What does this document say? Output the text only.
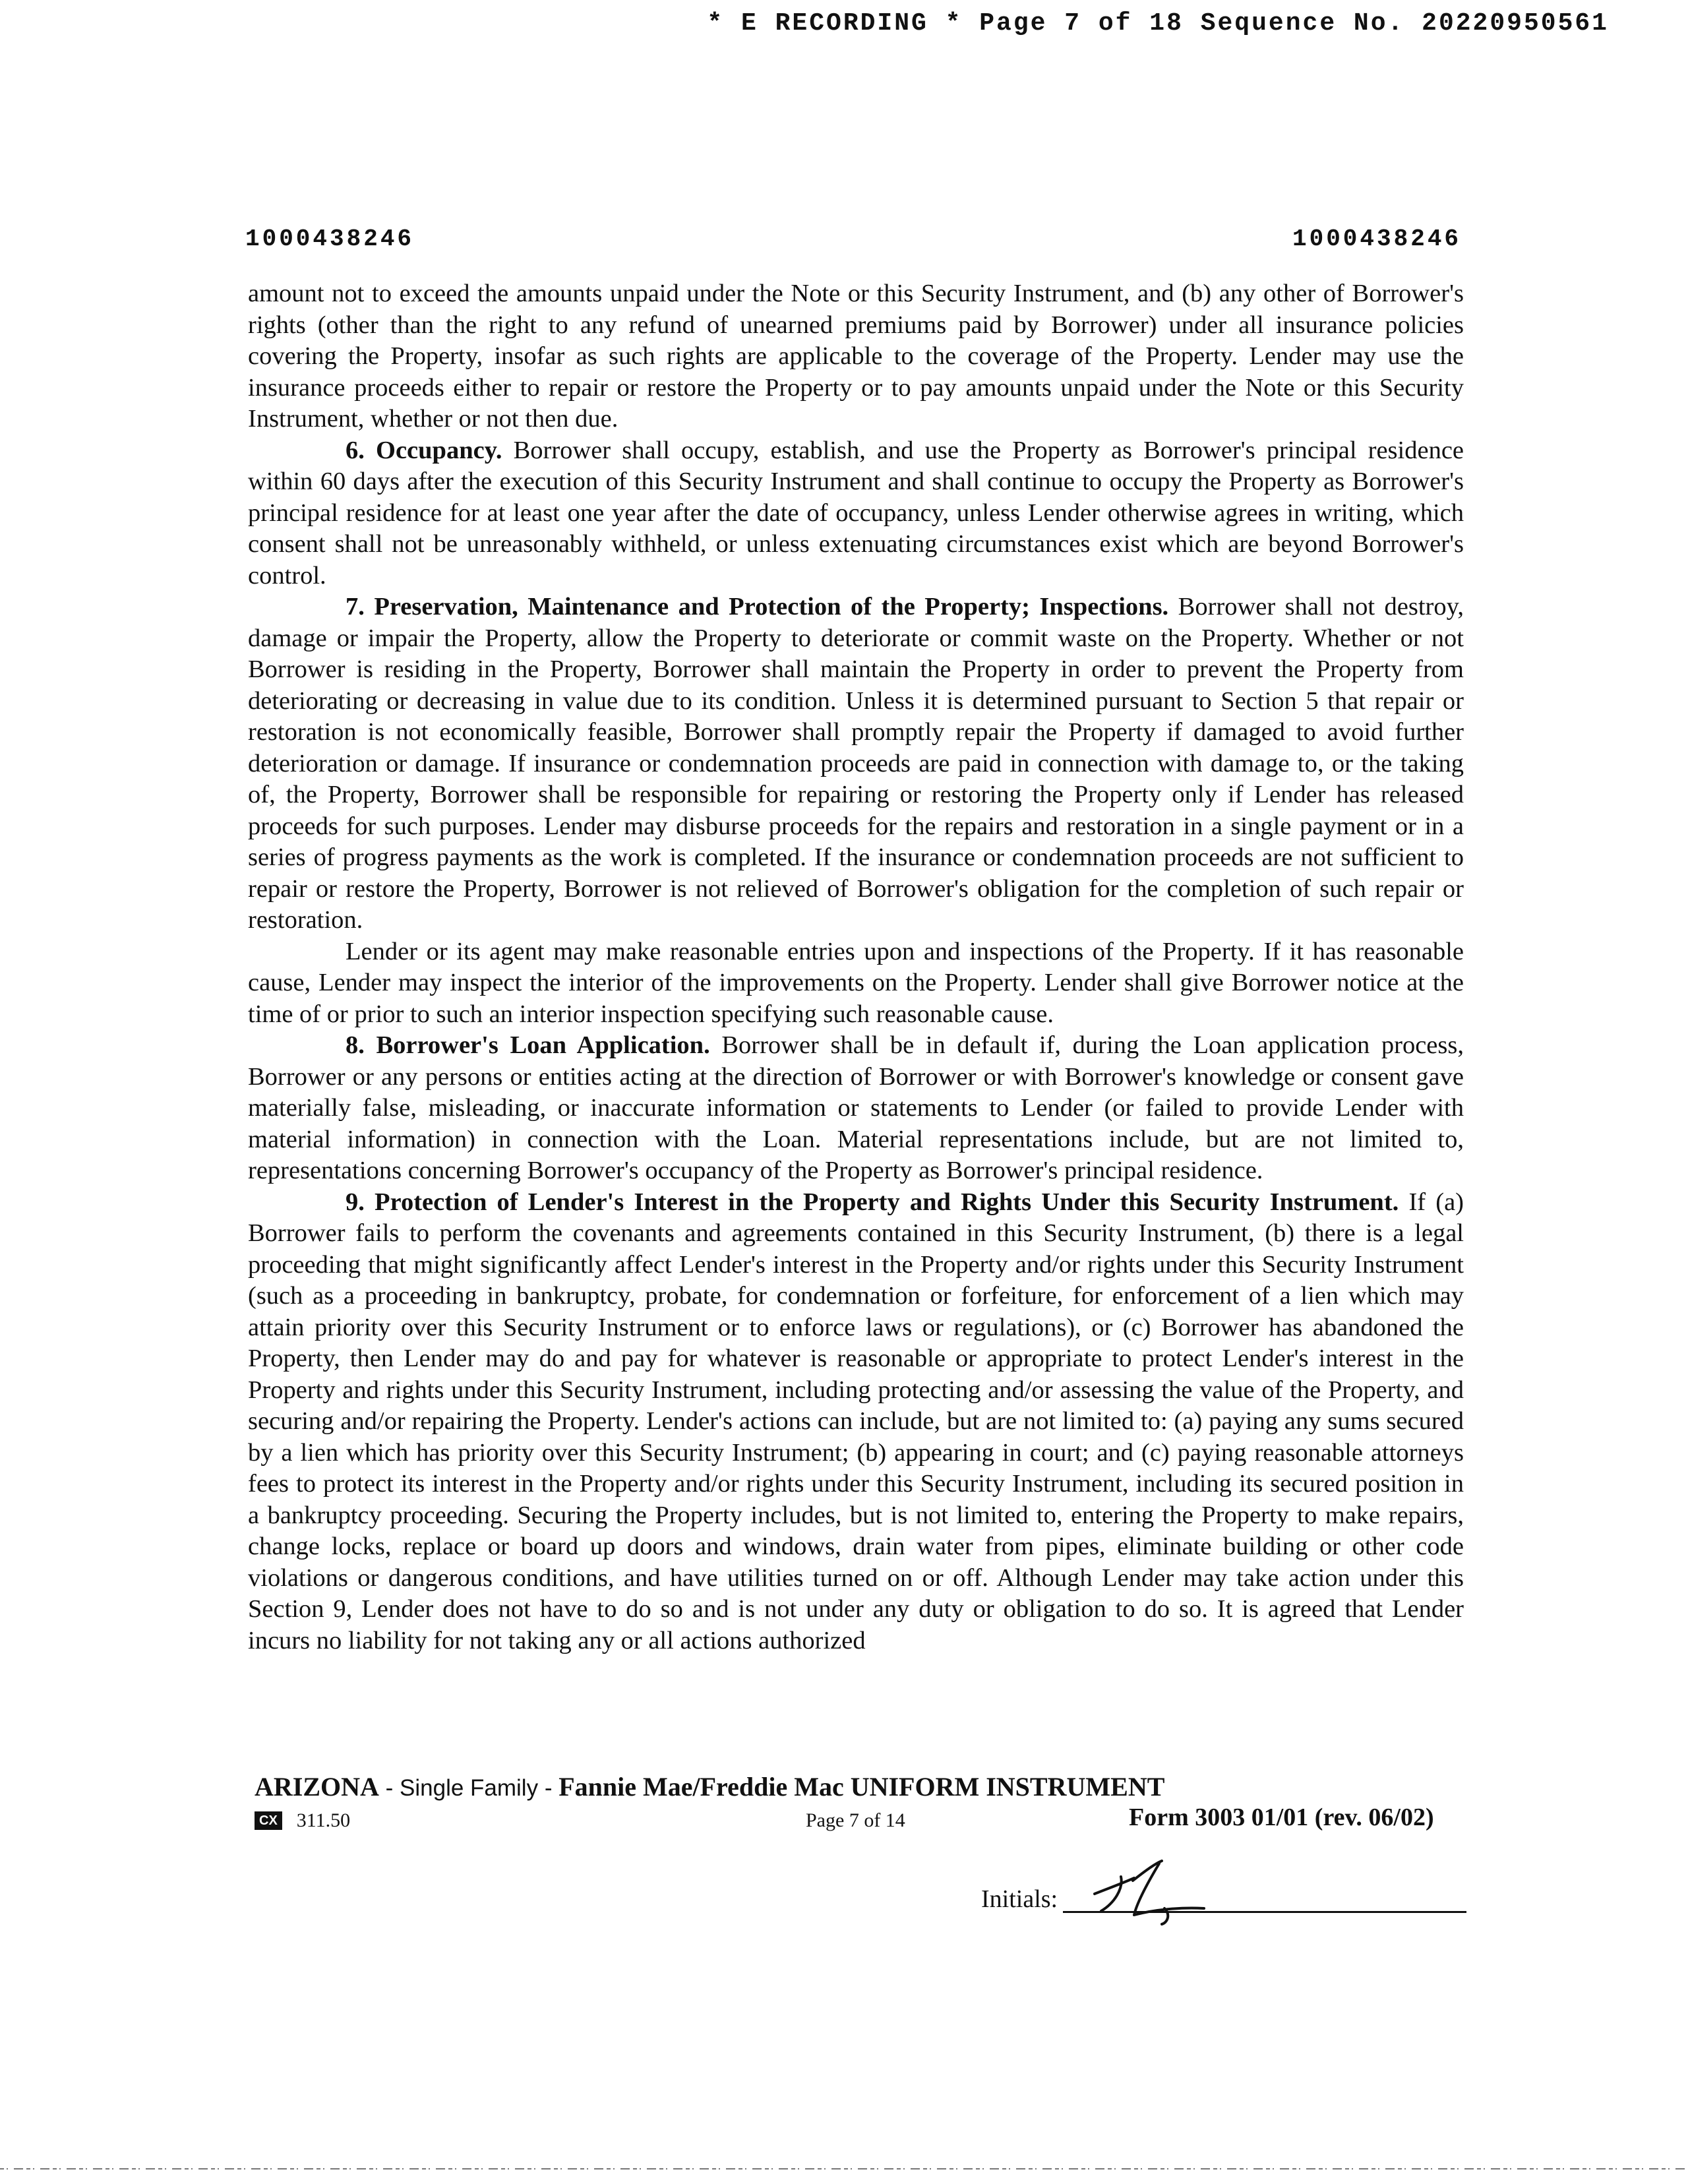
* E RECORDING * Page 7 of 18 Sequence No. 20220950561
1000438246	1000438246

amount not to exceed the amounts unpaid under the Note or this Security Instrument, and (b) any other of Borrower's rights (other than the right to any refund of unearned premiums paid by Borrower) under all insurance policies covering the Property, insofar as such rights are applicable to the coverage of the Property. Lender may use the insurance proceeds either to repair or restore the Property or to pay amounts unpaid under the Note or this Security Instrument, whether or not then due.

6. Occupancy. Borrower shall occupy, establish, and use the Property as Borrower's principal residence within 60 days after the execution of this Security Instrument and shall continue to occupy the Property as Borrower's principal residence for at least one year after the date of occupancy, unless Lender otherwise agrees in writing, which consent shall not be unreasonably withheld, or unless extenuating circumstances exist which are beyond Borrower's control.

7. Preservation, Maintenance and Protection of the Property; Inspections. Borrower shall not destroy, damage or impair the Property, allow the Property to deteriorate or commit waste on the Property. Whether or not Borrower is residing in the Property, Borrower shall maintain the Property in order to prevent the Property from deteriorating or decreasing in value due to its condition. Unless it is determined pursuant to Section 5 that repair or restoration is not economically feasible, Borrower shall promptly repair the Property if damaged to avoid further deterioration or damage. If insurance or condemnation proceeds are paid in connection with damage to, or the taking of, the Property, Borrower shall be responsible for repairing or restoring the Property only if Lender has released proceeds for such purposes. Lender may disburse proceeds for the repairs and restoration in a single payment or in a series of progress payments as the work is completed. If the insurance or condemnation proceeds are not sufficient to repair or restore the Property, Borrower is not relieved of Borrower's obligation for the completion of such repair or restoration.

Lender or its agent may make reasonable entries upon and inspections of the Property. If it has reasonable cause, Lender may inspect the interior of the improvements on the Property. Lender shall give Borrower notice at the time of or prior to such an interior inspection specifying such reasonable cause.

8. Borrower's Loan Application. Borrower shall be in default if, during the Loan application process, Borrower or any persons or entities acting at the direction of Borrower or with Borrower's knowledge or consent gave materially false, misleading, or inaccurate information or statements to Lender (or failed to provide Lender with material information) in connection with the Loan. Material representations include, but are not limited to, representations concerning Borrower's occupancy of the Property as Borrower's principal residence.

9. Protection of Lender's Interest in the Property and Rights Under this Security Instrument. If (a) Borrower fails to perform the covenants and agreements contained in this Security Instrument, (b) there is a legal proceeding that might significantly affect Lender's interest in the Property and/or rights under this Security Instrument (such as a proceeding in bankruptcy, probate, for condemnation or forfeiture, for enforcement of a lien which may attain priority over this Security Instrument or to enforce laws or regulations), or (c) Borrower has abandoned the Property, then Lender may do and pay for whatever is reasonable or appropriate to protect Lender's interest in the Property and rights under this Security Instrument, including protecting and/or assessing the value of the Property, and securing and/or repairing the Property. Lender's actions can include, but are not limited to: (a) paying any sums secured by a lien which has priority over this Security Instrument; (b) appearing in court; and (c) paying reasonable attorneys fees to protect its interest in the Property and/or rights under this Security Instrument, including its secured position in a bankruptcy proceeding. Securing the Property includes, but is not limited to, entering the Property to make repairs, change locks, replace or board up doors and windows, drain water from pipes, eliminate building or other code violations or dangerous conditions, and have utilities turned on or off. Although Lender may take action under this Section 9, Lender does not have to do so and is not under any duty or obligation to do so. It is agreed that Lender incurs no liability for not taking any or all actions authorized

ARIZONA - Single Family - Fannie Mae/Freddie Mac UNIFORM INSTRUMENT
CX 311.50	Page 7 of 14	Form 3003 01/01 (rev. 06/02)
Initials:
